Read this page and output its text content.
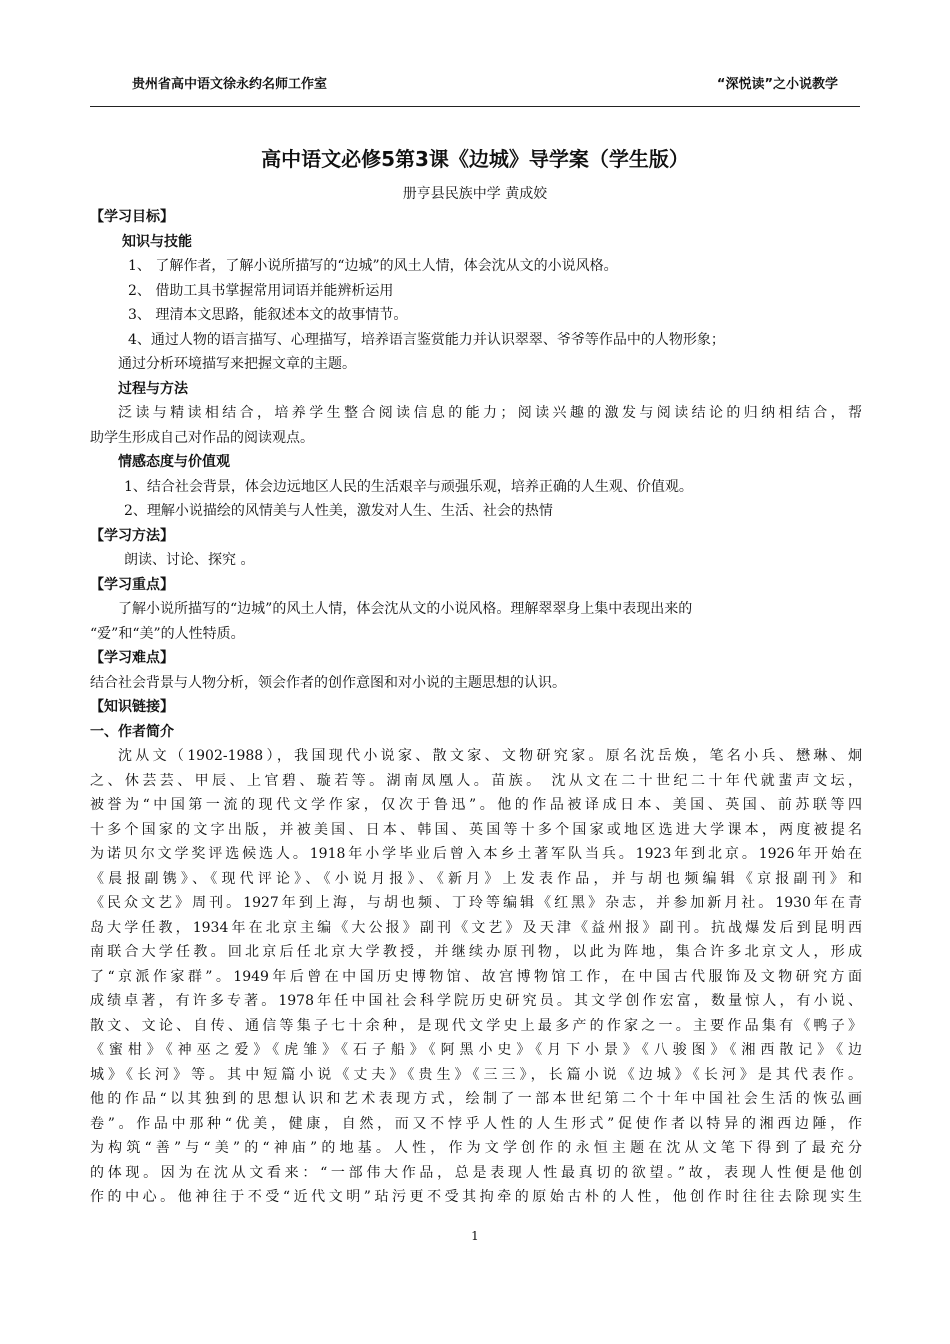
贵州省高中语文徐永约名师工作室	“深悦读”之小说教学
高中语文必修5第3课《边城》导学案（学生版）
册亨县民族中学 黄成姣
【学习目标】
知识与技能
1、 了解作者，了解小说所描写的“边城”的风土人情，体会沈从文的小说风格。
2、 借助工具书掌握常用词语并能辨析运用
3、 理清本文思路，能叙述本文的故事情节。
4、通过人物的语言描写、心理描写，培养语言鉴赏能力并认识翠翠、爷爷等作品中的人物形象；
通过分析环境描写来把握文章的主题。
过程与方法
泛读与精读相结合，培养学生整合阅读信息的能力；阅读兴趣的激发与阅读结论的归纳相结合，帮
助学生形成自己对作品的阅读观点。
情感态度与价值观
1、结合社会背景，体会边远地区人民的生活艰辛与顽强乐观，培养正确的人生观、价值观。
2、理解小说描绘的风情美与人性美，激发对人生、生活、社会的热情
【学习方法】
朗读、讨论、探究 。
【学习重点】
了解小说所描写的“边城”的风土人情，体会沈从文的小说风格。理解翠翠身上集中表现出来的
“爱”和“美”的人性特质。
【学习难点】
结合社会背景与人物分析，领会作者的创作意图和对小说的主题思想的认识。
【知识链接】
一、作者简介
沈从文（1902-1988），我国现代小说家、散文家、文物研究家。原名沈岳焕，笔名小兵、懋琳、炯
之、休芸芸、甲辰、上官碧、璇若等。湖南凤凰人。苗族。 沈从文在二十世纪二十年代就蜚声文坛，
被誉为“中国第一流的现代文学作家，仅次于鲁迅”。他的作品被译成日本、美国、英国、前苏联等四
十多个国家的文字出版，并被美国、日本、韩国、英国等十多个国家或地区选进大学课本，两度被提名
为诺贝尔文学奖评选候选人。1918年小学毕业后曾入本乡土著军队当兵。1923年到北京。1926年开始在
《晨报副镌》、《现代评论》、《小说月报》、《新月》上发表作品，并与胡也频编辑《京报副刊》和
《民众文艺》周刊。1927年到上海，与胡也频、丁玲等编辑《红黑》杂志，并参加新月社。1930年在青
岛大学任教，1934年在北京主编《大公报》副刊《文艺》及天津《益州报》副刊。抗战爆发后到昆明西
南联合大学任教。回北京后任北京大学教授，并继续办原刊物，以此为阵地，集合许多北京文人，形成
了“京派作家群”。1949年后曾在中国历史博物馆、故宫博物馆工作，在中国古代服饰及文物研究方面
成绩卓著，有许多专著。1978年任中国社会科学院历史研究员。其文学创作宏富，数量惊人，有小说、
散文、文论、自传、通信等集子七十余种，是现代文学史上最多产的作家之一。主要作品集有《鸭子》
《蜜柑》《神巫之爱》《虎雏》《石子船》《阿黑小史》《月下小景》《八骏图》《湘西散记》《边
城》《长河》等。其中短篇小说《丈夫》《贵生》《三三》，长篇小说《边城》《长河》是其代表作。
他的作品“以其独到的思想认识和艺术表现方式，绘制了一部本世纪第二个十年中国社会生活的恢弘画
卷”。作品中那种“优美，健康，自然，而又不悖乎人性的人生形式”促使作者以特异的湘西边陲，作
为构筑“善”与“美”的“神庙”的地基。人性，作为文学创作的永恒主题在沈从文笔下得到了最充分
的体现。因为在沈从文看来：“一部伟大作品，总是表现人性最真切的欲望。”故，表现人性便是他创
作的中心。他神往于不受“近代文明”玷污更不受其拘牵的原始古朴的人性，他创作时往往去除现实生
1
